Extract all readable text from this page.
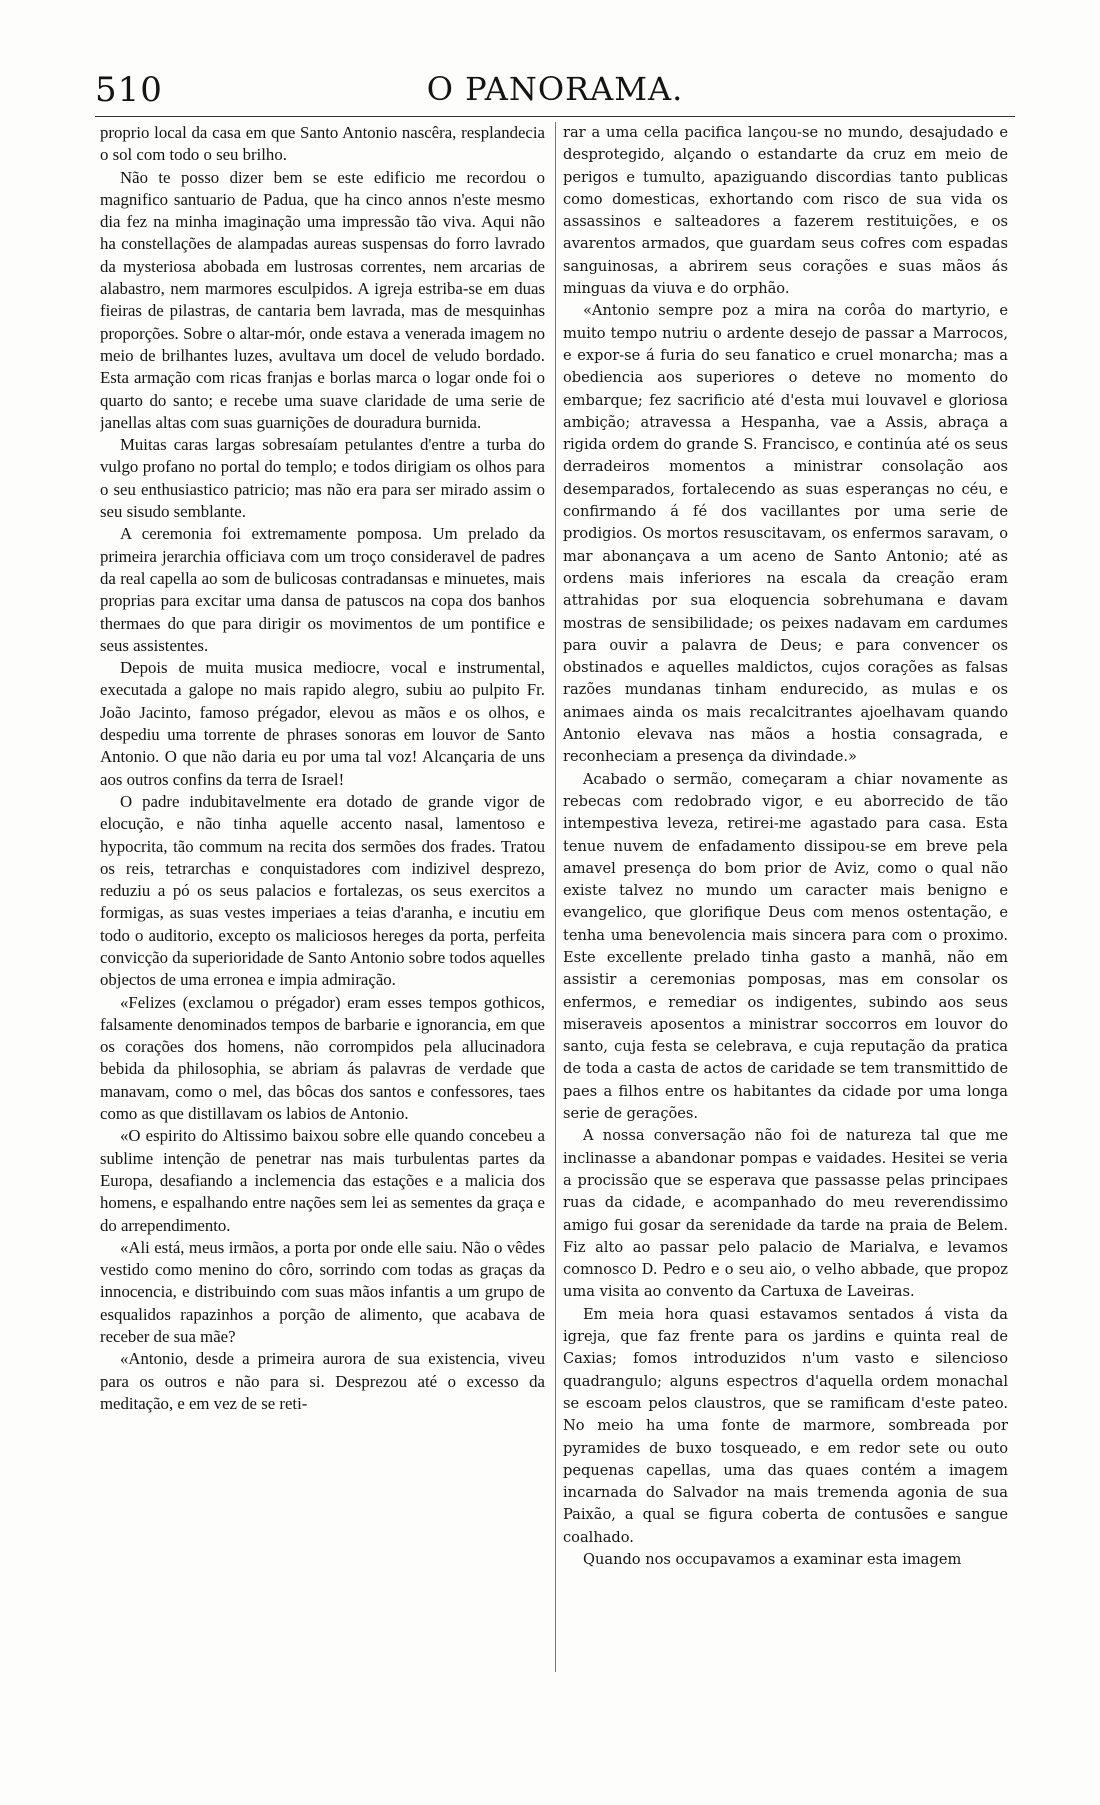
510	O PANORAMA.

proprio local da casa em que Santo Antonio nascêra, resplandecia o sol com todo o seu brilho.

Não te posso dizer bem se este edificio me recordou o magnifico santuario de Padua, que ha cinco annos n'este mesmo dia fez na minha imaginação uma impressão tão viva. Aqui não ha constellações de alampadas aureas suspensas do forro lavrado da mysteriosa abobada em lustrosas correntes, nem arcarias de alabastro, nem marmores esculpidos. A igreja estriba-se em duas fieiras de pilastras, de cantaria bem lavrada, mas de mesquinhas proporções. Sobre o altar-mór, onde estava a venerada imagem no meio de brilhantes luzes, avultava um docel de veludo bordado. Esta armação com ricas franjas e borlas marca o logar onde foi o quarto do santo; e recebe uma suave claridade de uma serie de janellas altas com suas guarnições de douradura burnida.

Muitas caras largas sobresaíam petulantes d'entre a turba do vulgo profano no portal do templo; e todos dirigiam os olhos para o seu enthusiastico patricio; mas não era para ser mirado assim o seu sisudo semblante.

A ceremonia foi extremamente pomposa. Um prelado da primeira jerarchia officiava com um troço consideravel de padres da real capella ao som de bulicosas contradansas e minuetes, mais proprias para excitar uma dansa de patuscos na copa dos banhos thermaes do que para dirigir os movimentos de um pontifice e seus assistentes.

Depois de muita musica mediocre, vocal e instrumental, executada a galope no mais rapido alegro, subiu ao pulpito Fr. João Jacinto, famoso prégador, elevou as mãos e os olhos, e despediu uma torrente de phrases sonoras em louvor de Santo Antonio. O que não daria eu por uma tal voz! Alcançaria de uns aos outros confins da terra de Israel!

O padre indubitavelmente era dotado de grande vigor de elocução, e não tinha aquelle accento nasal, lamentoso e hypocrita, tão commum na recita dos sermões dos frades. Tratou os reis, tetrarchas e conquistadores com indizivel desprezo, reduziu a pó os seus palacios e fortalezas, os seus exercitos a formigas, as suas vestes imperiaes a teias d'aranha, e incutiu em todo o auditorio, excepto os maliciosos hereges da porta, perfeita convicção da superioridade de Santo Antonio sobre todos aquelles objectos de uma erronea e impia admiração.

«Felizes (exclamou o prégador) eram esses tempos gothicos, falsamente denominados tempos de barbarie e ignorancia, em que os corações dos homens, não corrompidos pela allucinadora bebida da philosophia, se abriam ás palavras de verdade que manavam, como o mel, das bôcas dos santos e confessores, taes como as que distillavam os labios de Antonio.

«O espirito do Altissimo baixou sobre elle quando concebeu a sublime intenção de penetrar nas mais turbulentas partes da Europa, desafiando a inclemencia das estações e a malicia dos homens, e espalhando entre nações sem lei as sementes da graça e do arrependimento.

«Ali está, meus irmãos, a porta por onde elle saiu. Não o vêdes vestido como menino do côro, sorrindo com todas as graças da innocencia, e distribuindo com suas mãos infantis a um grupo de esqualidos rapazinhos a porção de alimento, que acabava de receber de sua mãe?

«Antonio, desde a primeira aurora de sua existencia, viveu para os outros e não para si. Desprezou até o excesso da meditação, e em vez de se reti-

rar a uma cella pacifica lançou-se no mundo, desajudado e desprotegido, alçando o estandarte da cruz em meio de perigos e tumulto, apaziguando discordias tanto publicas como domesticas, exhortando com risco de sua vida os assassinos e salteadores a fazerem restituições, e os avarentos armados, que guardam seus cofres com espadas sanguinosas, a abrirem seus corações e suas mãos ás minguas da viuva e do orphão.

«Antonio sempre poz a mira na corôa do martyrio, e muito tempo nutriu o ardente desejo de passar a Marrocos, e expor-se á furia do seu fanatico e cruel monarcha; mas a obediencia aos superiores o deteve no momento do embarque; fez sacrificio até d'esta mui louvavel e gloriosa ambição; atravessa a Hespanha, vae a Assis, abraça a rigida ordem do grande S. Francisco, e continúa até os seus derradeiros momentos a ministrar consolação aos desemparados, fortalecendo as suas esperanças no céu, e confirmando á fé dos vacillantes por uma serie de prodigios. Os mortos resuscitavam, os enfermos saravam, o mar abonançava a um aceno de Santo Antonio; até as ordens mais inferiores na escala da creação eram attrahidas por sua eloquencia sobrehumana e davam mostras de sensibilidade; os peixes nadavam em cardumes para ouvir a palavra de Deus; e para convencer os obstinados e aquelles maldictos, cujos corações as falsas razões mundanas tinham endurecido, as mulas e os animaes ainda os mais recalcitrantes ajoelhavam quando Antonio elevava nas mãos a hostia consagrada, e reconheciam a presença da divindade.»

Acabado o sermão, começaram a chiar novamente as rebecas com redobrado vigor, e eu aborrecido de tão intempestiva leveza, retirei-me agastado para casa. Esta tenue nuvem de enfadamento dissipou-se em breve pela amavel presença do bom prior de Aviz, como o qual não existe talvez no mundo um caracter mais benigno e evangelico, que glorifique Deus com menos ostentação, e tenha uma benevolencia mais sincera para com o proximo. Este excellente prelado tinha gasto a manhã, não em assistir a ceremonias pomposas, mas em consolar os enfermos, e remediar os indigentes, subindo aos seus miseraveis aposentos a ministrar soccorros em louvor do santo, cuja festa se celebrava, e cuja reputação da pratica de toda a casta de actos de caridade se tem transmittido de paes a filhos entre os habitantes da cidade por uma longa serie de gerações.

A nossa conversação não foi de natureza tal que me inclinasse a abandonar pompas e vaidades. Hesitei se veria a procissão que se esperava que passasse pelas principaes ruas da cidade, e acompanhado do meu reverendissimo amigo fui gosar da serenidade da tarde na praia de Belem. Fiz alto ao passar pelo palacio de Marialva, e levamos comnosco D. Pedro e o seu aio, o velho abbade, que propoz uma visita ao convento da Cartuxa de Laveiras.

Em meia hora quasi estavamos sentados á vista da igreja, que faz frente para os jardins e quinta real de Caxias; fomos introduzidos n'um vasto e silencioso quadrangulo; alguns espectros d'aquella ordem monachal se escoam pelos claustros, que se ramificam d'este pateo. No meio ha uma fonte de marmore, sombreada por pyramides de buxo tosqueado, e em redor sete ou outo pequenas capellas, uma das quaes contém a imagem incarnada do Salvador na mais tremenda agonia de sua Paixão, a qual se figura coberta de contusões e sangue coalhado.

Quando nos occupavamos a examinar esta imagem
